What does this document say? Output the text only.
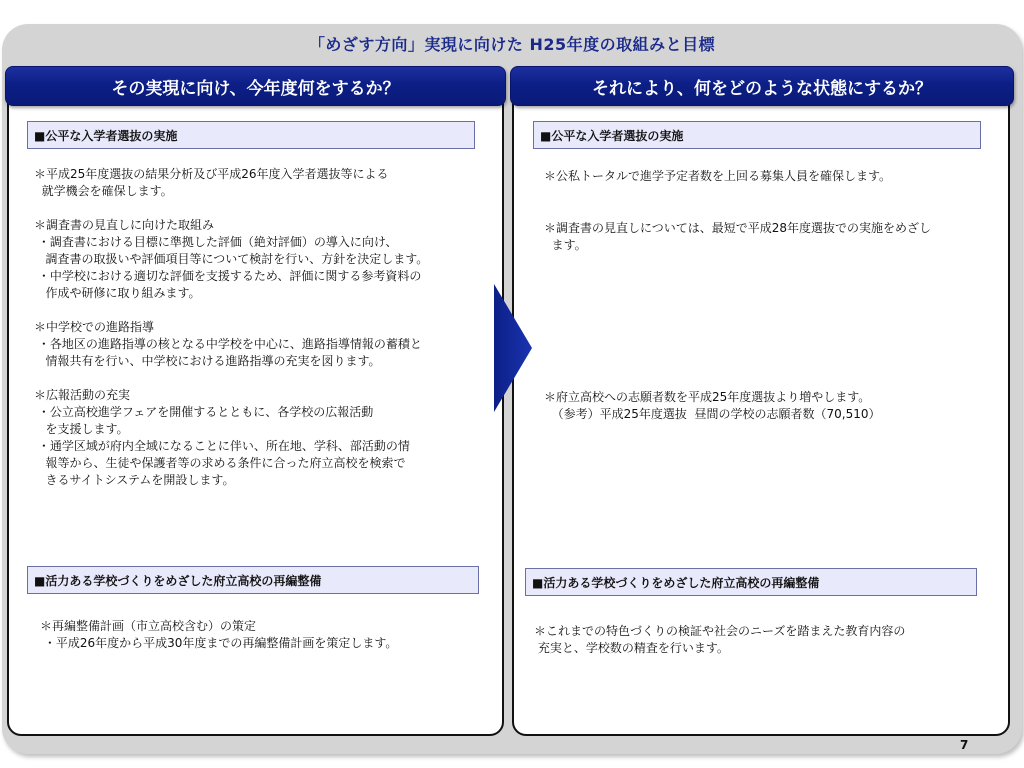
「めざす方向」実現に向けた H25年度の取組みと目標
その実現に向け、今年度何をするか？	それにより、何をどのような状態にするか？
■公平な入学者選抜の実施
＊平成25年度選抜の結果分析及び平成26年度入学者選抜等による
就学機会を確保します。
＊調査書の見直しに向けた取組み
・調査書における目標に準拠した評価（絶対評価）の導入に向け、
調査書の取扱いや評価項目等について検討を行い、方針を決定します。
・中学校における適切な評価を支援するため、評価に関する参考資料の
作成や研修に取り組みます。
＊中学校での進路指導
・各地区の進路指導の核となる中学校を中心に、進路指導情報の蓄積と
情報共有を行い、中学校における進路指導の充実を図ります。
＊広報活動の充実
・公立高校進学フェアを開催するとともに、各学校の広報活動
を支援します。
・通学区域が府内全域になることに伴い、所在地、学科、部活動の情
報等から、生徒や保護者等の求める条件に合った府立高校を検索で
きるサイトシステムを開設します。
■活力ある学校づくりをめざした府立高校の再編整備
＊再編整備計画（市立高校含む）の策定
・平成26年度から平成30年度までの再編整備計画を策定します。
■公平な入学者選抜の実施
＊公私トータルで進学予定者数を上回る募集人員を確保します。
＊調査書の見直しについては、最短で平成28年度選抜での実施をめざし
ます。
＊府立高校への志願者数を平成25年度選抜より増やします。
（参考）平成25年度選抜  昼間の学校の志願者数（70,510）
■活力ある学校づくりをめざした府立高校の再編整備
＊これまでの特色づくりの検証や社会のニーズを踏まえた教育内容の
充実と、学校数の精査を行います。
7
